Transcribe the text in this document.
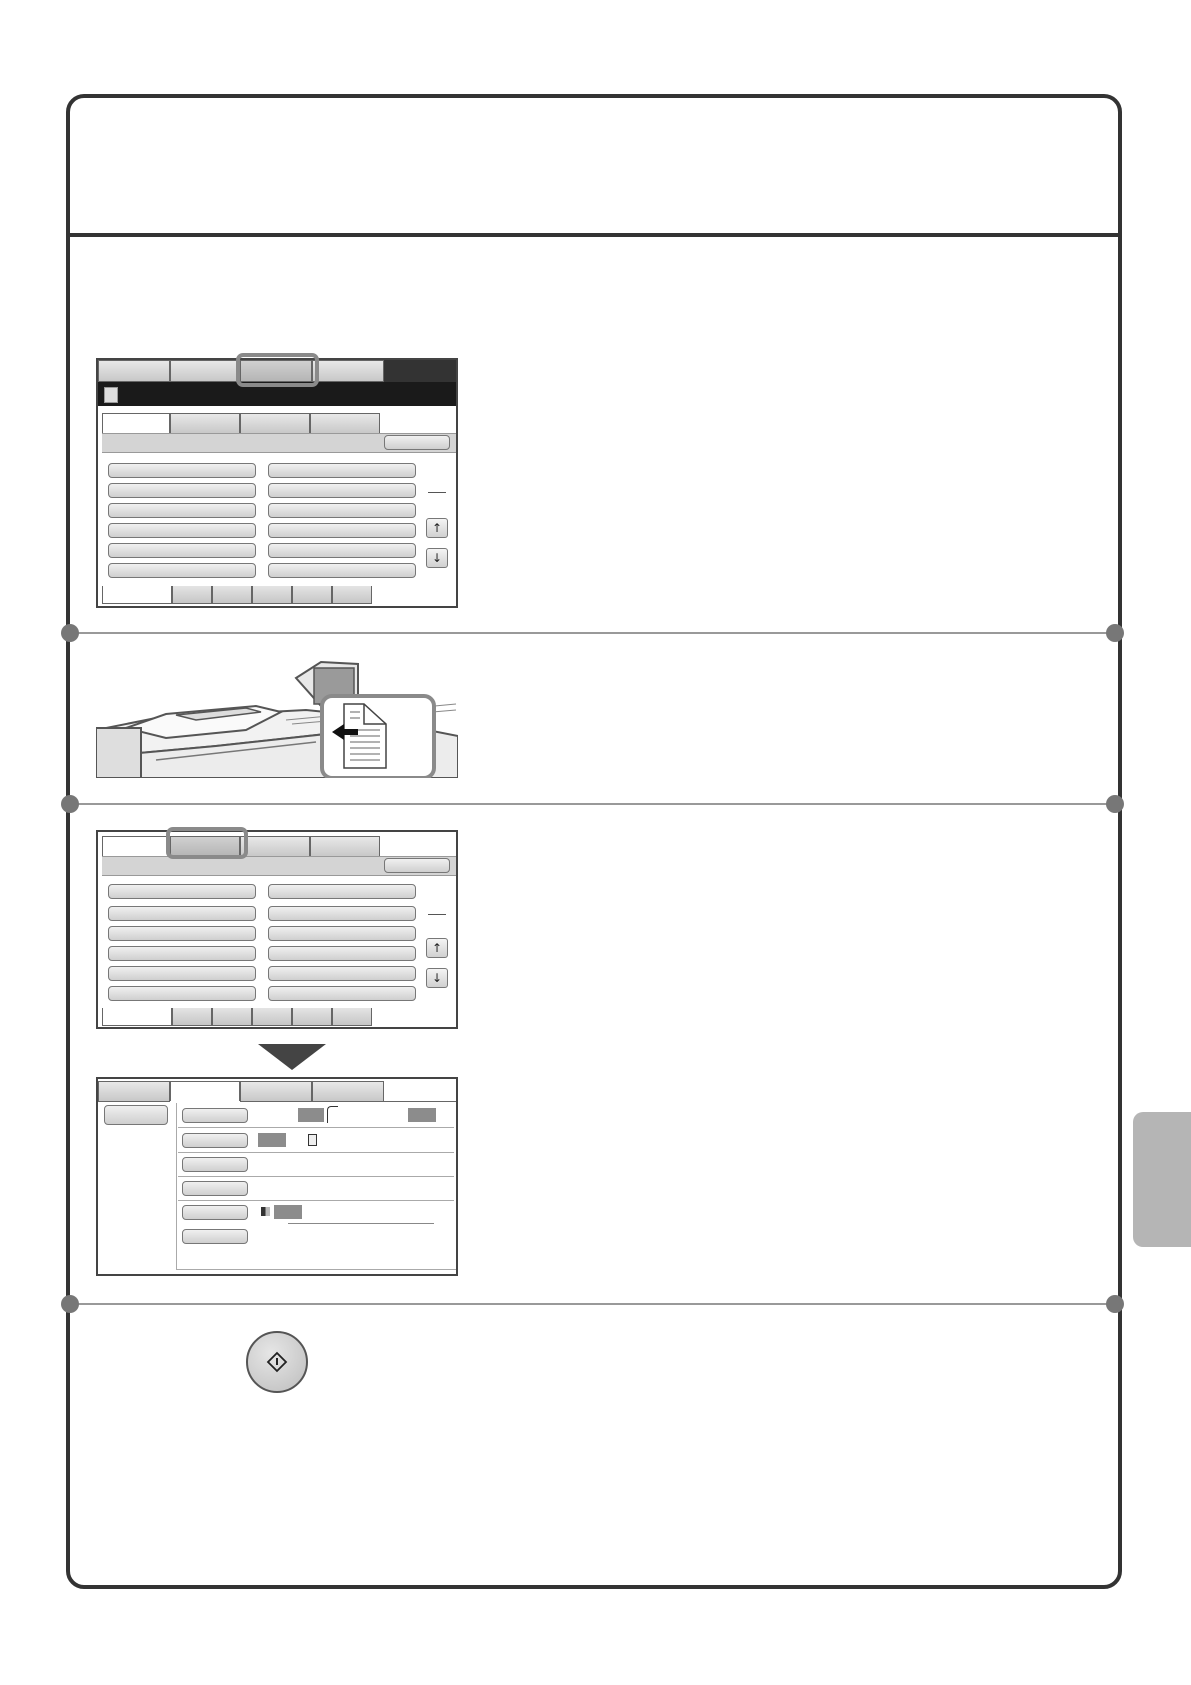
↑
↓
↑
↓
